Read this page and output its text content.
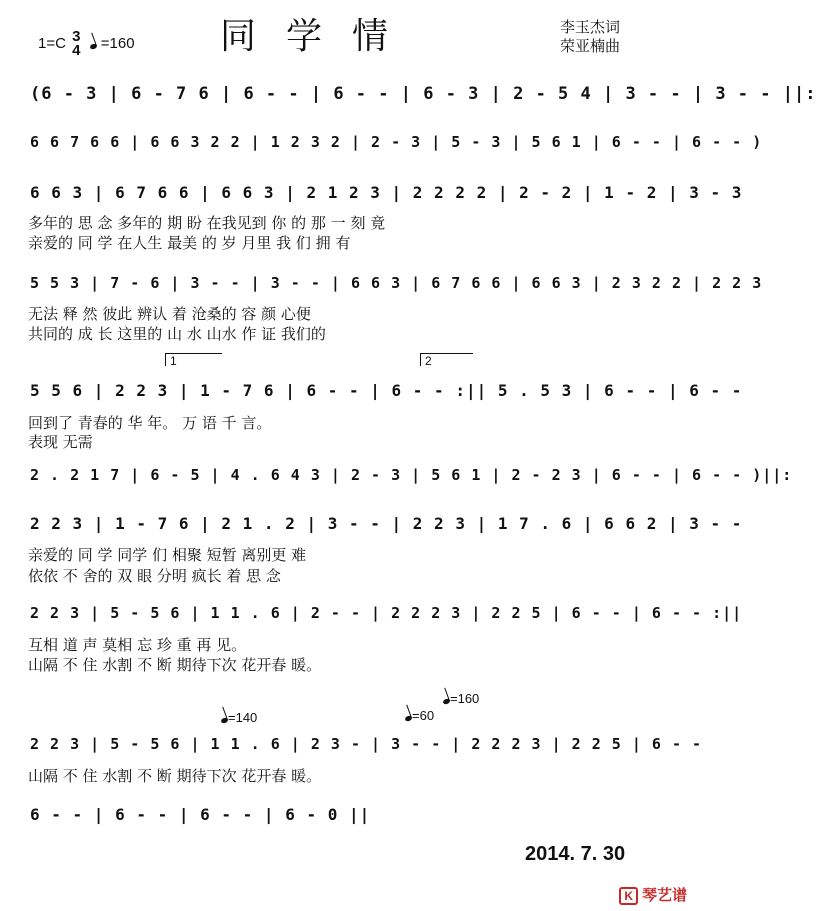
同学情
1=C 3
4 =160
李玉杰词
荣亚楠曲
(6 - 3 | 6 - 7 6 | 6 - - | 6 - - | 6 - 3 | 2 - 5 4 | 3 - - | 3 - - ||:
6 6 7 6 6 | 6 6 3 2 2 | 1 2 3 2 | 2 - 3 | 5 - 3 | 5 6 1 | 6 - - | 6 - - )
6 6 3 | 6 7 6 6 | 6 6 3 | 2 1 2 3 | 2 2 2 2 | 2 - 2 | 1 - 2 | 3 - 3
多年的 思 念 多年的 期 盼 在我见到 你 的 那 一 刻 竟
亲爱的 同 学 在人生 最美 的 岁 月里 我 们 拥 有
5 5 3 | 7 - 6 | 3 - - | 3 - - | 6 6 3 | 6 7 6 6 | 6 6 3 | 2 3 2 2 | 2 2 3
无法 释 然 彼此 辨认 着 沧桑的 容 颜 心便
共同的 成 长 这里的 山 水 山水 作 证 我们的
1	2
5 5 6 | 2 2 3 | 1 - 7 6 | 6 - - | 6 - - :|| 5 . 5 3 | 6 - - | 6 - -
回到了 青春的 华 年。 万 语 千 言。
表现 无需
2 . 2 1 7 | 6 - 5 | 4 . 6 4 3 | 2 - 3 | 5 6 1 | 2 - 2 3 | 6 - - | 6 - - )||:
2 2 3 | 1 - 7 6 | 2 1 . 2 | 3 - - | 2 2 3 | 1 7 . 6 | 6 6 2 | 3 - -
亲爱的 同 学 同学 们 相聚 短暂 离别更 难
依依 不 舍的 双 眼 分明 疯长 着 思 念
2 2 3 | 5 - 5 6 | 1 1 . 6 | 2 - - | 2 2 2 3 | 2 2 5 | 6 - - | 6 - - :||
互相 道 声 莫相 忘 珍 重 再 见。
山隔 不 住 水割 不 断 期待下次 花开春 暖。
=140	=60
=160
2 2 3 | 5 - 5 6 | 1 1 . 6 | 2 3 - | 3 - - | 2 2 2 3 | 2 2 5 | 6 - -
山隔 不 住 水割 不 断 期待下次 花开春 暖。
6 - - | 6 - - | 6 - - | 6 - 0 ||
2014. 7. 30
K 琴艺谱
